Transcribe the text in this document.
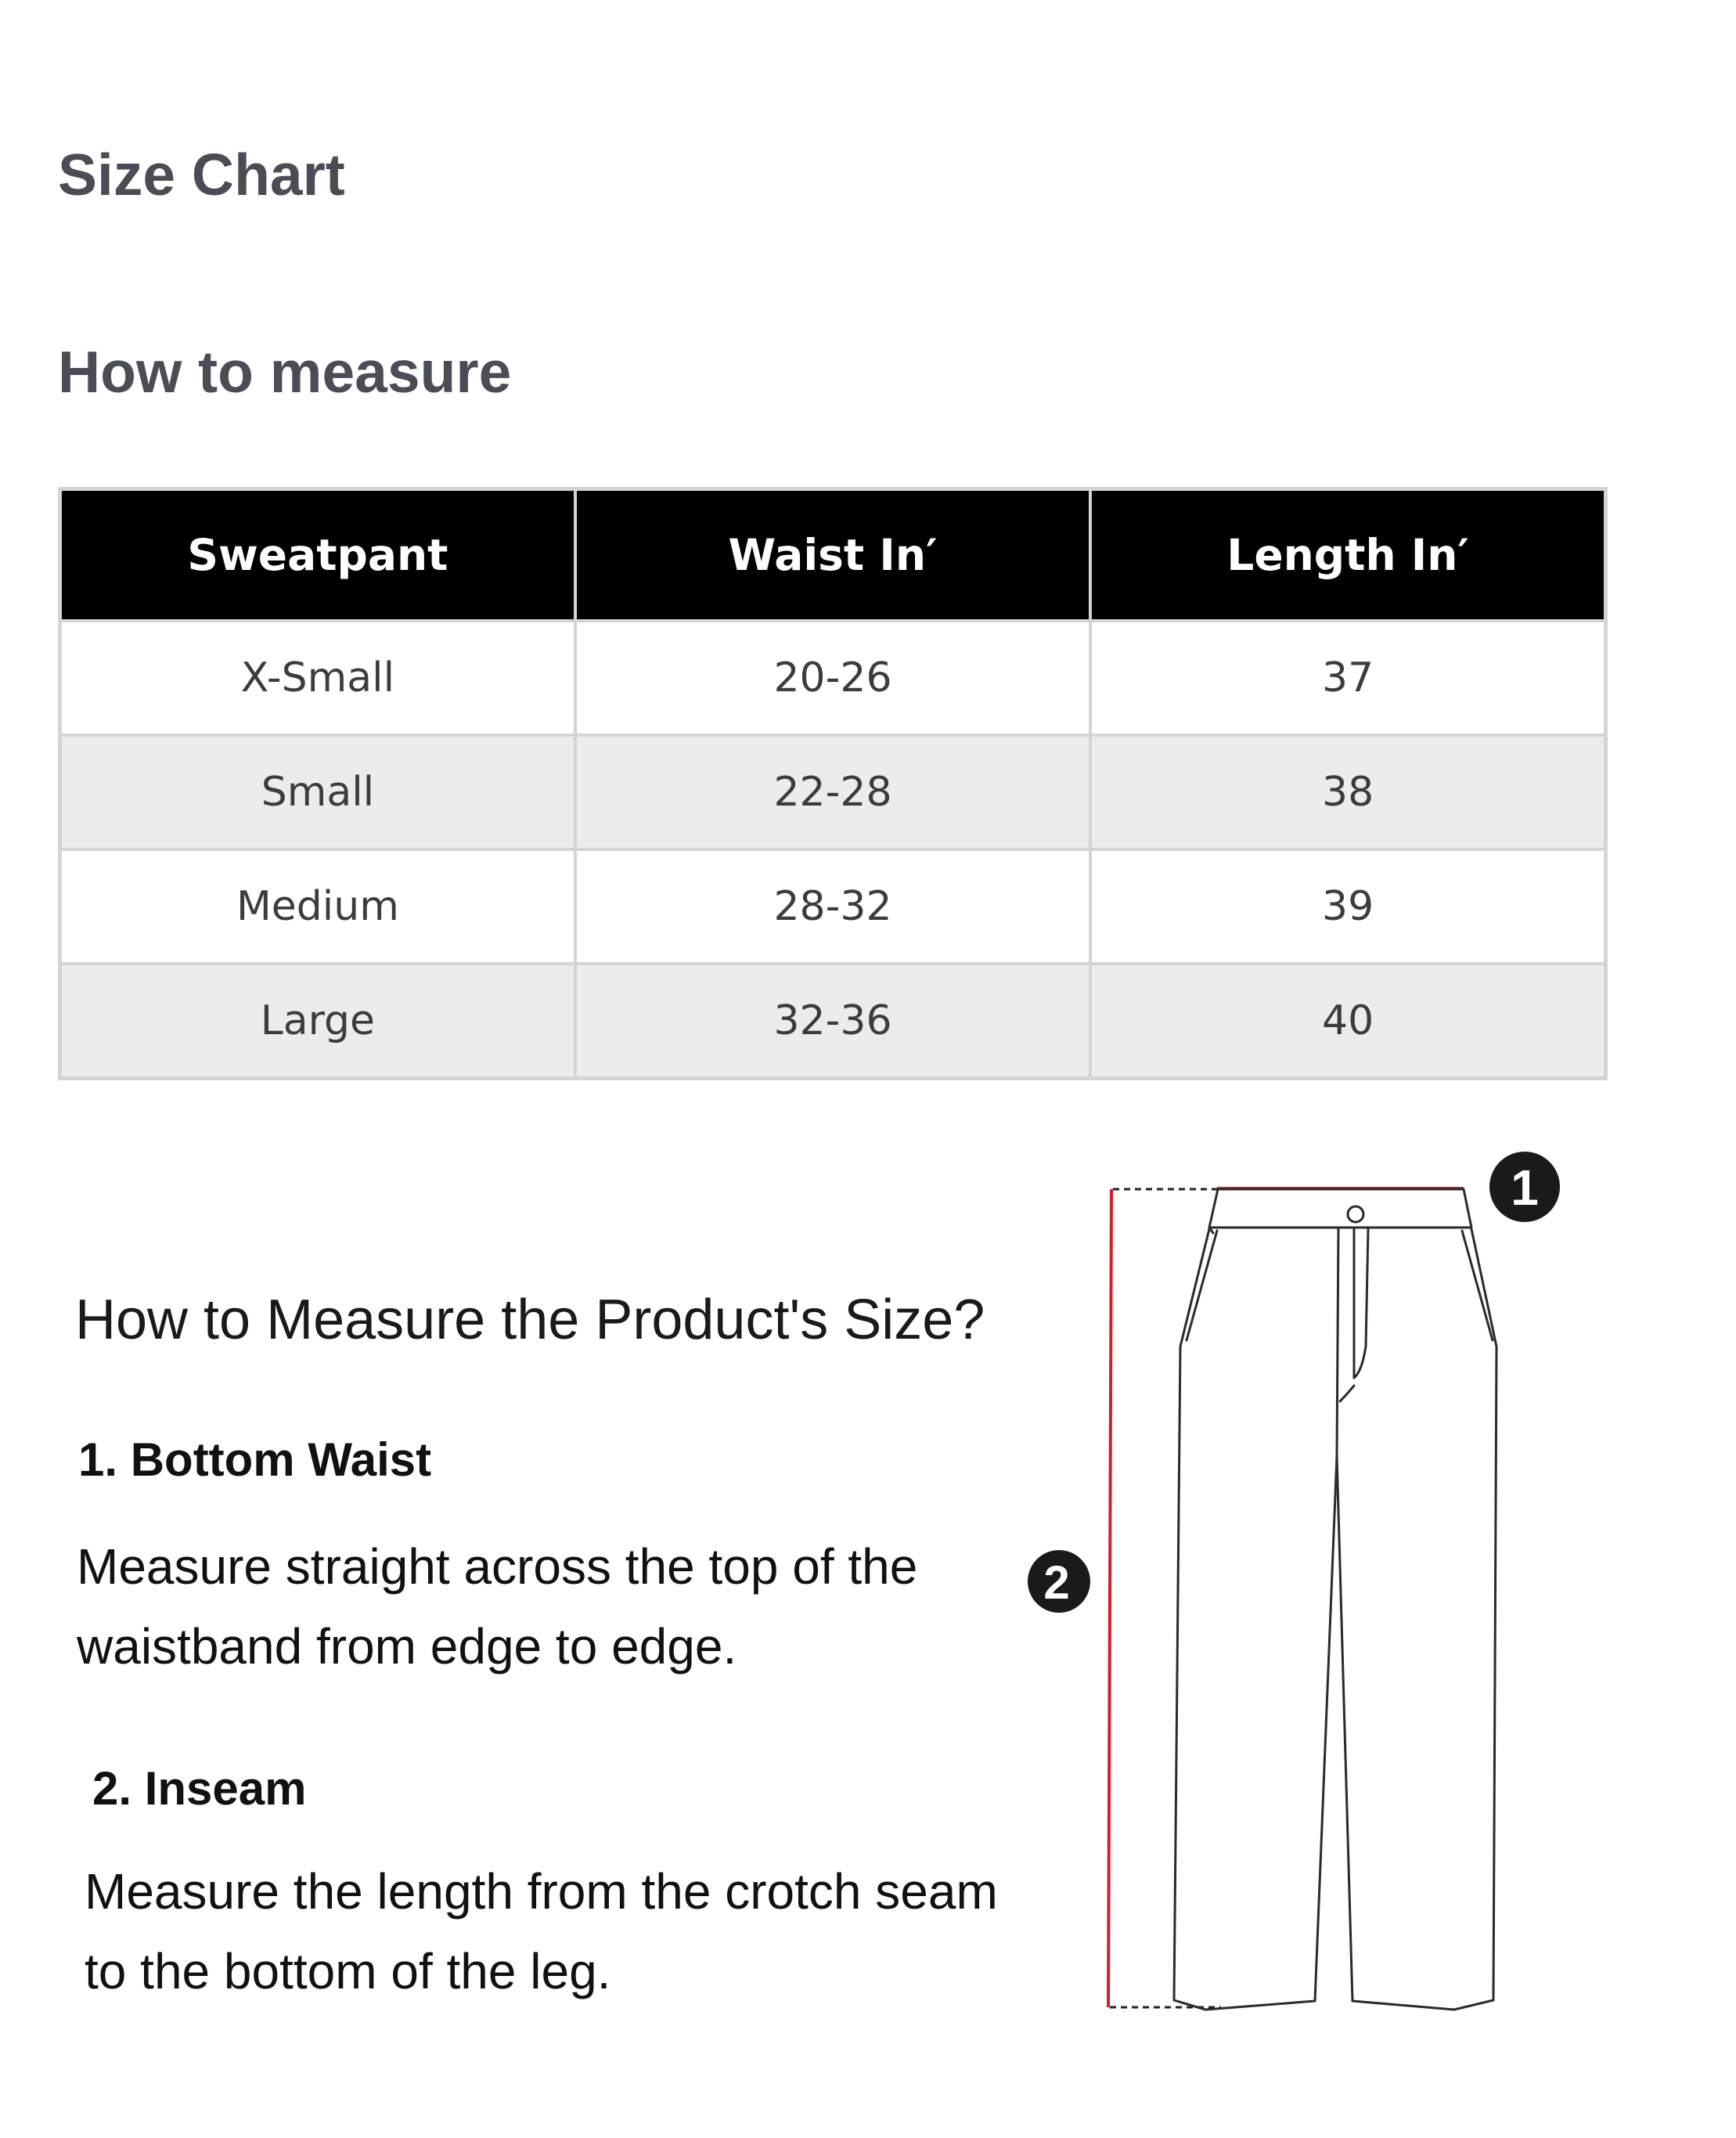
Size Chart
How to measure
Sweatpant	Waist In′	Length In′
X-Small	20-26	37
Small	22-28	38
Medium	28-32	39
Large	32-36	40
How to Measure the Product's Size?

1. Bottom Waist

Measure straight across the top of the

waistband from edge to edge.

2. Inseam

Measure the length from the crotch seam

to the bottom of the leg.

1
2
